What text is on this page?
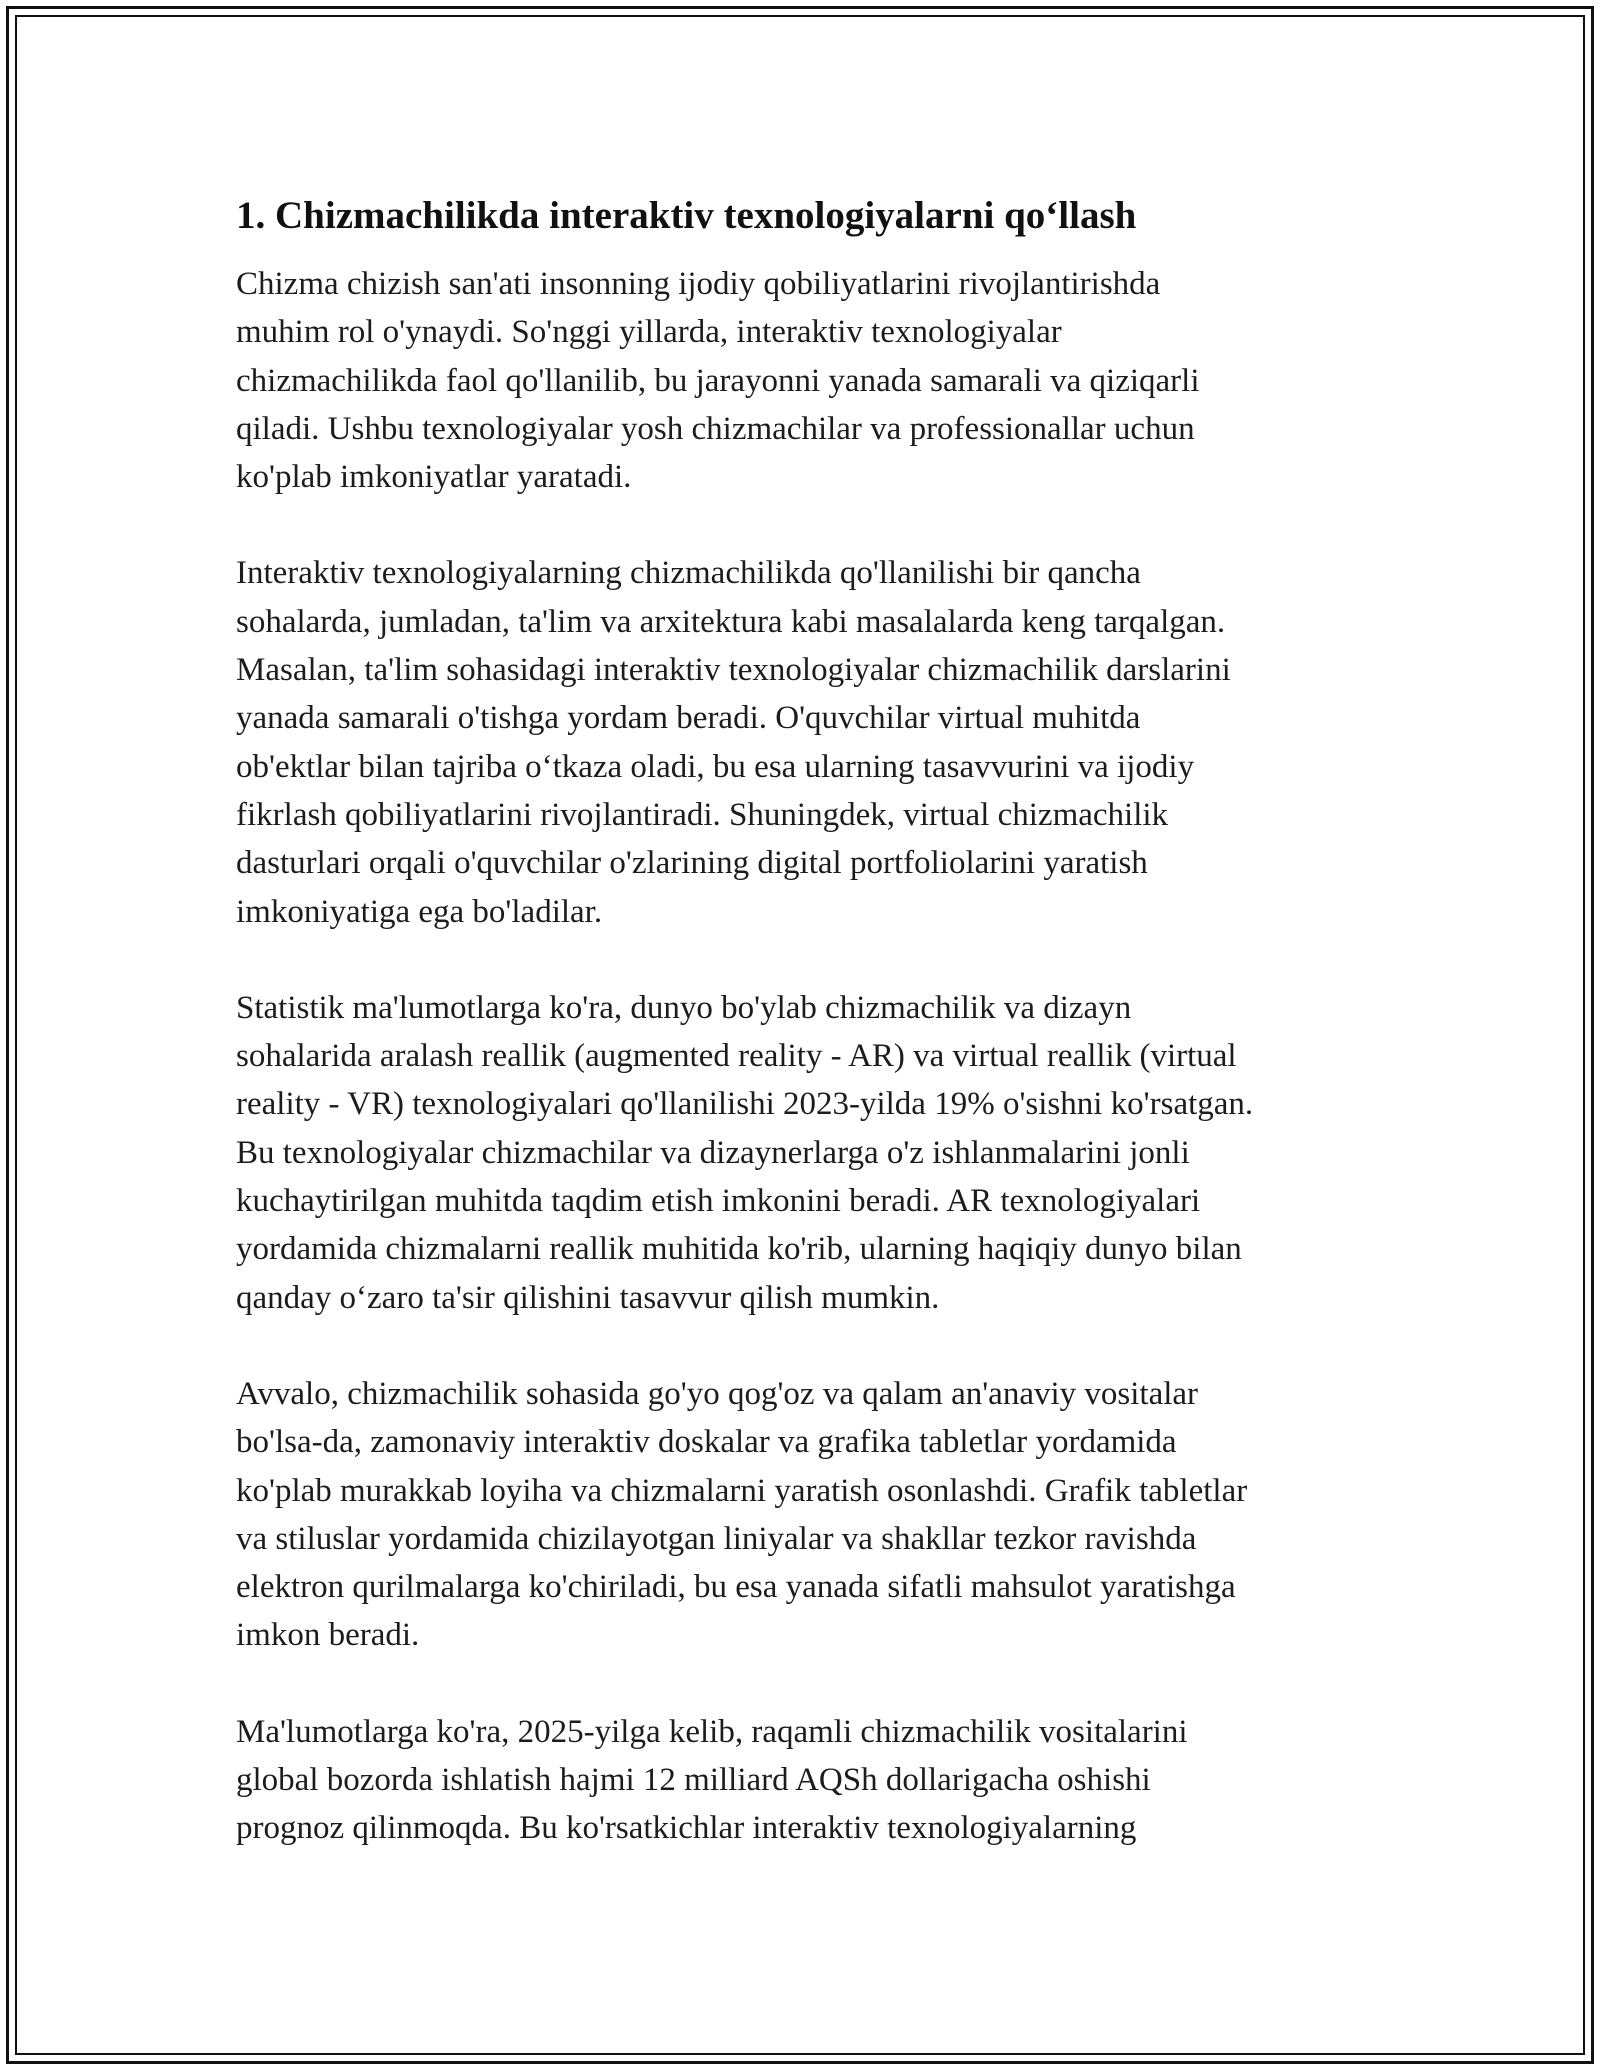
1. Chizmachilikda interaktiv texnologiyalarni qo‘llash

Chizma chizish san'ati insonning ijodiy qobiliyatlarini rivojlantirishda
muhim rol o'ynaydi. So'nggi yillarda, interaktiv texnologiyalar
chizmachilikda faol qo'llanilib, bu jarayonni yanada samarali va qiziqarli
qiladi. Ushbu texnologiyalar yosh chizmachilar va professionallar uchun
ko'plab imkoniyatlar yaratadi.

Interaktiv texnologiyalarning chizmachilikda qo'llanilishi bir qancha
sohalarda, jumladan, ta'lim va arxitektura kabi masalalarda keng tarqalgan.
Masalan, ta'lim sohasidagi interaktiv texnologiyalar chizmachilik darslarini
yanada samarali o'tishga yordam beradi. O'quvchilar virtual muhitda
ob'ektlar bilan tajriba o‘tkaza oladi, bu esa ularning tasavvurini va ijodiy
fikrlash qobiliyatlarini rivojlantiradi. Shuningdek, virtual chizmachilik
dasturlari orqali o'quvchilar o'zlarining digital portfoliolarini yaratish
imkoniyatiga ega bo'ladilar.

Statistik ma'lumotlarga ko'ra, dunyo bo'ylab chizmachilik va dizayn
sohalarida aralash reallik (augmented reality - AR) va virtual reallik (virtual
reality - VR) texnologiyalari qo'llanilishi 2023-yilda 19% o'sishni ko'rsatgan.
Bu texnologiyalar chizmachilar va dizaynerlarga o'z ishlanmalarini jonli
kuchaytirilgan muhitda taqdim etish imkonini beradi. AR texnologiyalari
yordamida chizmalarni reallik muhitida ko'rib, ularning haqiqiy dunyo bilan
qanday o‘zaro ta'sir qilishini tasavvur qilish mumkin.

Avvalo, chizmachilik sohasida go'yo qog'oz va qalam an'anaviy vositalar
bo'lsa-da, zamonaviy interaktiv doskalar va grafika tabletlar yordamida
ko'plab murakkab loyiha va chizmalarni yaratish osonlashdi. Grafik tabletlar
va stiluslar yordamida chizilayotgan liniyalar va shakllar tezkor ravishda
elektron qurilmalarga ko'chiriladi, bu esa yanada sifatli mahsulot yaratishga
imkon beradi.

Ma'lumotlarga ko'ra, 2025-yilga kelib, raqamli chizmachilik vositalarini
global bozorda ishlatish hajmi 12 milliard AQSh dollarigacha oshishi
prognoz qilinmoqda. Bu ko'rsatkichlar interaktiv texnologiyalarning
